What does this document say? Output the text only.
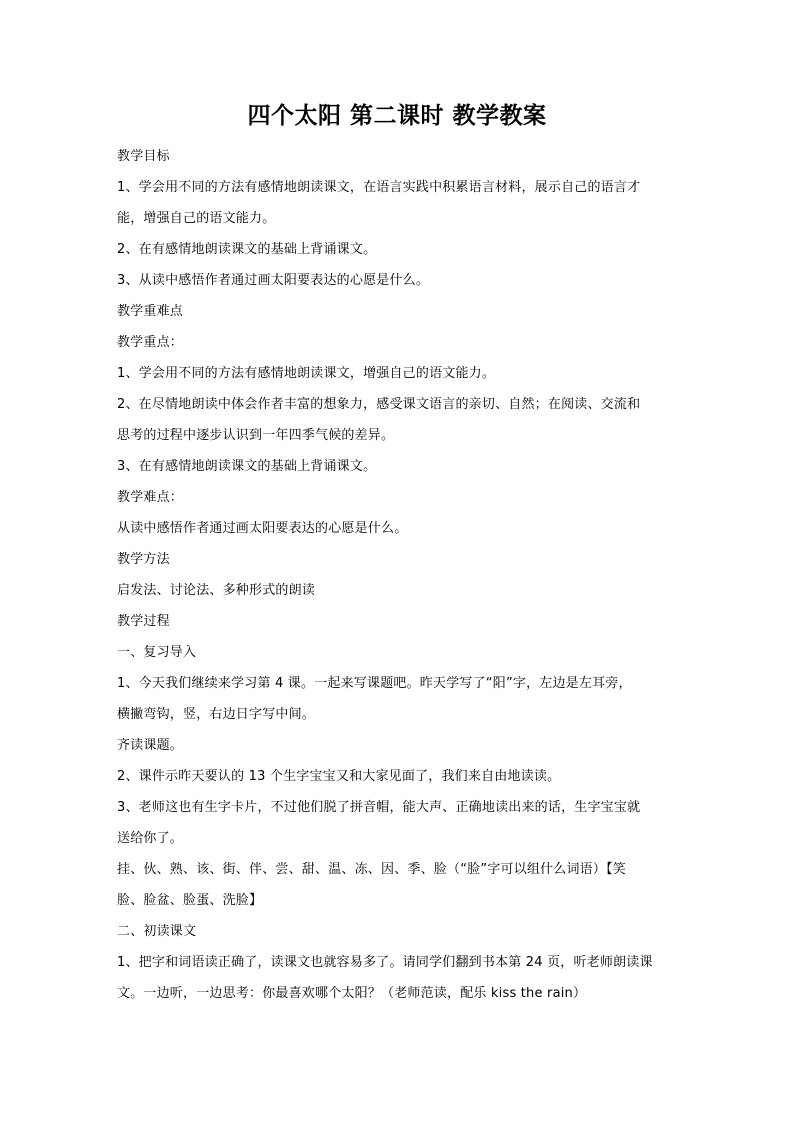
四个太阳 第二课时 教学教案
教学目标
1、学会用不同的方法有感情地朗读课文，在语言实践中积累语言材料，展示自己的语言才
能，增强自己的语文能力。
2、在有感情地朗读课文的基础上背诵课文。
3、从读中感悟作者通过画太阳要表达的心愿是什么。
教学重难点
教学重点：
1、学会用不同的方法有感情地朗读课文，增强自己的语文能力。
2、在尽情地朗读中体会作者丰富的想象力，感受课文语言的亲切、自然；在阅读、交流和
思考的过程中逐步认识到一年四季气候的差异。
3、在有感情地朗读课文的基础上背诵课文。
教学难点：
从读中感悟作者通过画太阳要表达的心愿是什么。
教学方法
启发法、讨论法、多种形式的朗读
教学过程
一、复习导入
1、今天我们继续来学习第 4 课。一起来写课题吧。昨天学写了“阳”字，左边是左耳旁，
横撇弯钩，竖，右边日字写中间。
齐读课题。
2、课件示昨天要认的 13 个生字宝宝又和大家见面了，我们来自由地读读。
3、老师这也有生字卡片，不过他们脱了拼音帽，能大声、正确地读出来的话，生字宝宝就
送给你了。
挂、伙、熟、该、街、伴、尝、甜、温、冻、因、季、脸（“脸”字可以组什么词语）【笑
脸、脸盆、脸蛋、洗脸】
二、初读课文
1、把字和词语读正确了，读课文也就容易多了。请同学们翻到书本第 24 页，听老师朗读课
文。一边听，一边思考：你最喜欢哪个太阳？（老师范读，配乐 kiss the rain）
